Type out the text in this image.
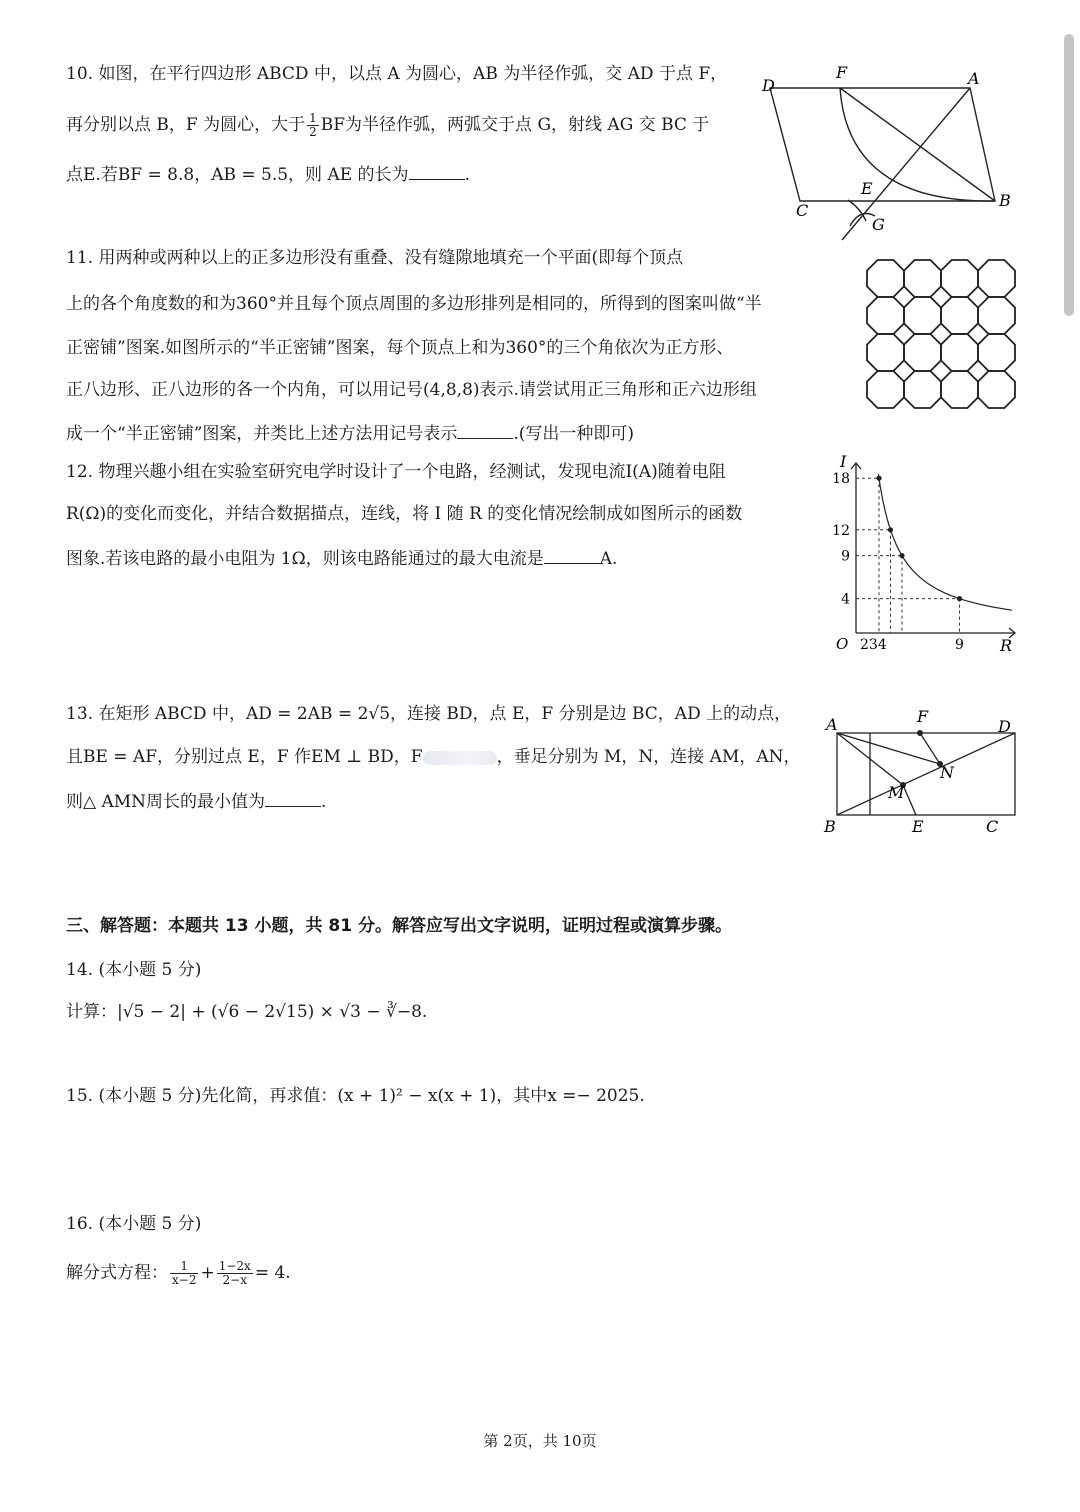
10. 如图，在平行四边形 ABCD 中，以点 A 为圆心，AB 为半径作弧，交 AD 于点 F，
再分别以点 B，F 为圆心，大于 $\frac{1}{2}$ BF为半径作弧，两弧交于点 G，射线 AG 交 BC 于
点E.若BF = 8.8，AB = 5.5，则 AE 的长为	.
D
F	A
E
C
G
B
11. 用两种或两种以上的正多边形没有重叠、没有缝隙地填充一个平面(即每个顶点
上的各个角度数的和为360°并且每个顶点周围的多边形排列是相同的，所得到的图案叫做“半
正密铺”图案.如图所示的“半正密铺”图案，每个顶点上和为360°的三个角依次为正方形、
正八边形、正八边形的各一个内角，可以用记号(4,8,8)表示.请尝试用正三角形和正六边形组
成一个“半正密铺”图案，并类比上述方法用记号表示	.(写出一种即可)
12. 物理兴趣小组在实验室研究电学时设计了一个电路，经测试，发现电流I(A)随着电阻
R(Ω)的变化而变化，并结合数据描点，连线，将 I 随 R 的变化情况绘制成如图所示的函数
图象.若该电路的最小电阻为 1Ω，则该电路能通过的最大电流是	A.
I
R
O
18
12
9
4
234	9
13. 在矩形 ABCD 中，AD = 2AB = 2√5，连接 BD，点 E，F 分别是边 BC，AD 上的动点，
且BE = AF，分别过点 E，F 作EM ⊥ BD，F	，垂足分别为 M，N，连接 AM，AN，
则△ AMN周长的最小值为	.
A	F
D
N
M
B	E	C
三、解答题：本题共 13 小题，共 81 分。解答应写出文字说明，证明过程或演算步骤。
14. (本小题 5 分)
计算：|√5 − 2| + (√6 − 2√15) × √3 − ∛−8.
15. (本小题 5 分)先化简，再求值：(x + 1)² − x(x + 1)，其中x =− 2025.
16. (本小题 5 分)
解分式方程： $\frac{1}{x-2} + \frac{1-2x}{2-x} = 4$.
第 2页，共 10页
